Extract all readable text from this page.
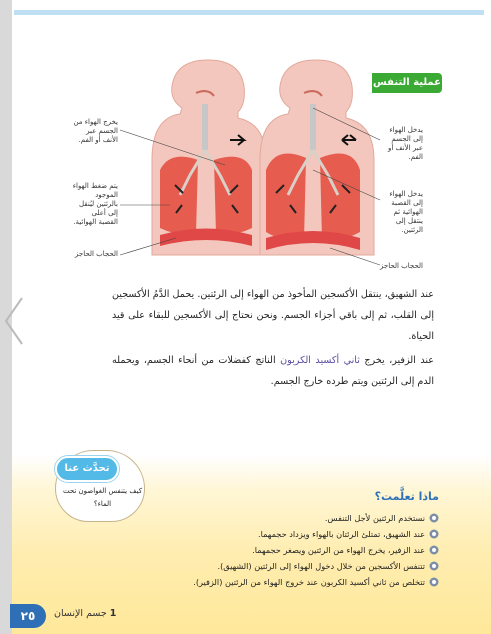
عملية التنفس
يخرج الهواء من الجسم عبر الأنف أو الفم.
يتم ضغط الهواء الموجود بالرئتين ليُنقل إلى أعلى القصبة الهوائية.
الحجاب الحاجز
يدخل الهواء إلى الجسم عبر الأنف أو الفم.
يدخل الهواء إلى القصبة الهوائية ثم ينتقل إلى الرئتين.
الحجاب الحاجز
عند الشهيق، ينتقل الأكسجين المأخوذ من الهواء إلى الرئتين. يحمل الدَّمُ الأكسجين إلى القلب، ثم إلى باقي أجزاء الجسم. ونحن نحتاج إلى الأكسجين للبقاء على قيد الحياة.
عند الزفير، يخرج ثاني أكسيد الكربون الناتج كفضلات من أنحاء الجسم، ويحمله الدم إلى الرئتين ويتم طرده خارج الجسم.
تحدَّث عنا
كيف يتنفس الغواصون تحت الماء؟
ماذا تعلَّمت؟
نستخدم الرئتين لأجل التنفس.
عند الشهيق، تمتلئ الرئتان بالهواء ويزداد حجمهما.
عند الزفير، يخرج الهواء من الرئتين ويصغر حجمهما.
تتنفس الأكسجين من خلال دخول الهواء إلى الرئتين (الشهيق).
تتخلص من ثاني أكسيد الكربون عند خروج الهواء من الرئتين (الزفير).
٢٥	1 جسم الإنسان
